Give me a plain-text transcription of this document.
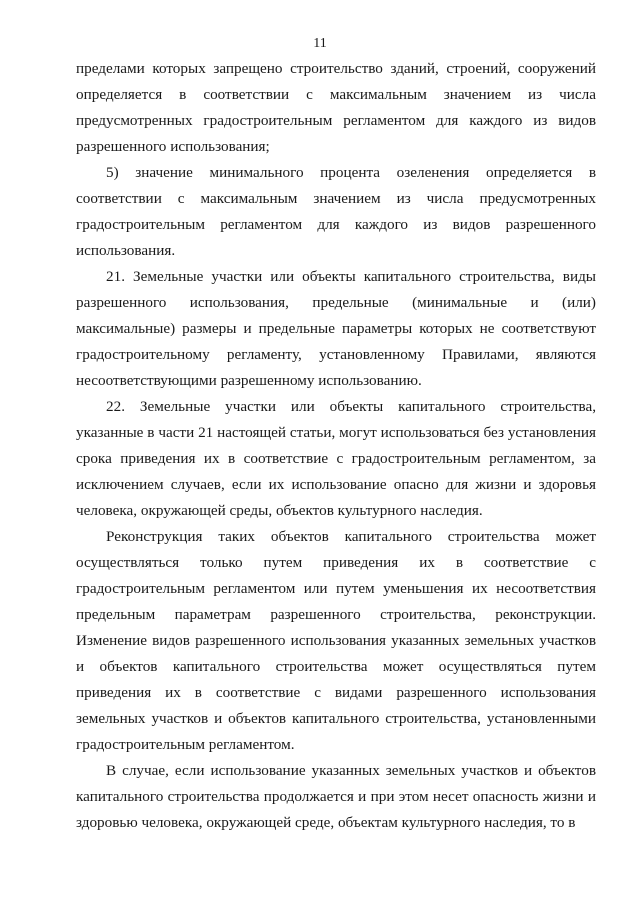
11

пределами которых запрещено строительство зданий, строений, сооружений определяется в соответствии с максимальным значением из числа предусмотренных градостроительным регламентом для каждого из видов разрешенного использования;

5) значение минимального процента озеленения определяется в соответствии с максимальным значением из числа предусмотренных градостроительным регламентом для каждого из видов разрешенного использования.

21. Земельные участки или объекты капитального строительства, виды разрешенного использования, предельные (минимальные и (или) максимальные) размеры и предельные параметры которых не соответствуют градостроительному регламенту, установленному Правилами, являются несоответствующими разрешенному использованию.

22. Земельные участки или объекты капитального строительства, указанные в части 21 настоящей статьи, могут использоваться без установления срока приведения их в соответствие с градостроительным регламентом, за исключением случаев, если их использование опасно для жизни и здоровья человека, окружающей среды, объектов культурного наследия.

Реконструкция таких объектов капитального строительства может осуществляться только путем приведения их в соответствие с градостроительным регламентом или путем уменьшения их несоответствия предельным параметрам разрешенного строительства, реконструкции. Изменение видов разрешенного использования указанных земельных участков и объектов капитального строительства может осуществляться путем приведения их в соответствие с видами разрешенного использования земельных участков и объектов капитального строительства, установленными градостроительным регламентом.

В случае, если использование указанных земельных участков и объектов капитального строительства продолжается и при этом несет опасность жизни и здоровью человека, окружающей среде, объектам культурного наследия, то в
